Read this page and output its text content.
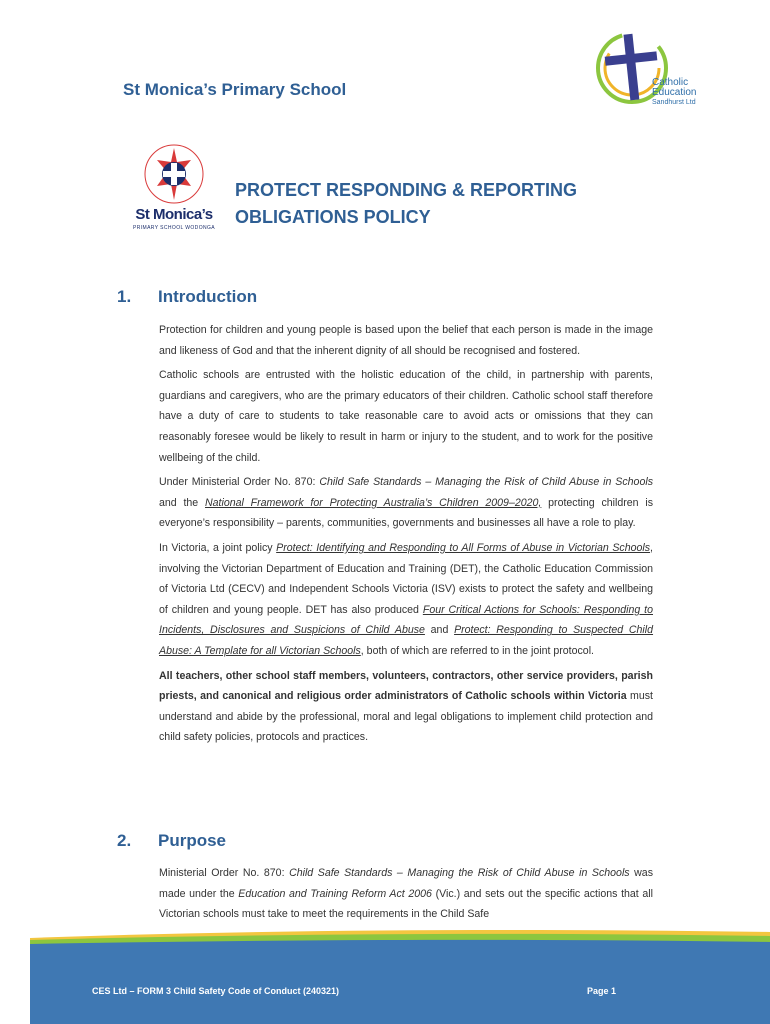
St Monica’s Primary School	Catholic
Education
Sandhurst Ltd
St Monica’s
PRIMARY SCHOOL WODONGA
PROTECT RESPONDING & REPORTING
OBLIGATIONS POLICY
1. Introduction

Protection for children and young people is based upon the belief that each person is made in the image and likeness of God and that the inherent dignity of all should be recognised and fostered.

Catholic schools are entrusted with the holistic education of the child, in partnership with parents, guardians and caregivers, who are the primary educators of their children. Catholic school staff therefore have a duty of care to students to take reasonable care to avoid acts or omissions that they can reasonably foresee would be likely to result in harm or injury to the student, and to work for the positive wellbeing of the child.

Under Ministerial Order No. 870: Child Safe Standards – Managing the Risk of Child Abuse in Schools and the National Framework for Protecting Australia’s Children 2009–2020, protecting children is everyone’s responsibility – parents, communities, governments and businesses all have a role to play.

In Victoria, a joint policy Protect: Identifying and Responding to All Forms of Abuse in Victorian Schools, involving the Victorian Department of Education and Training (DET), the Catholic Education Commission of Victoria Ltd (CECV) and Independent Schools Victoria (ISV) exists to protect the safety and wellbeing of children and young people. DET has also produced Four Critical Actions for Schools: Responding to Incidents, Disclosures and Suspicions of Child Abuse and Protect: Responding to Suspected Child Abuse: A Template for all Victorian Schools, both of which are referred to in the joint protocol.

All teachers, other school staff members, volunteers, contractors, other service providers, parish priests, and canonical and religious order administrators of Catholic schools within Victoria must understand and abide by the professional, moral and legal obligations to implement child protection and child safety policies, protocols and practices.

2. Purpose

Ministerial Order No. 870: Child Safe Standards – Managing the Risk of Child Abuse in Schools was made under the Education and Training Reform Act 2006 (Vic.) and sets out the specific actions that all Victorian schools must take to meet the requirements in the Child Safe

CES Ltd – FORM 3 Child Safety Code of Conduct (240321)	Page 1
